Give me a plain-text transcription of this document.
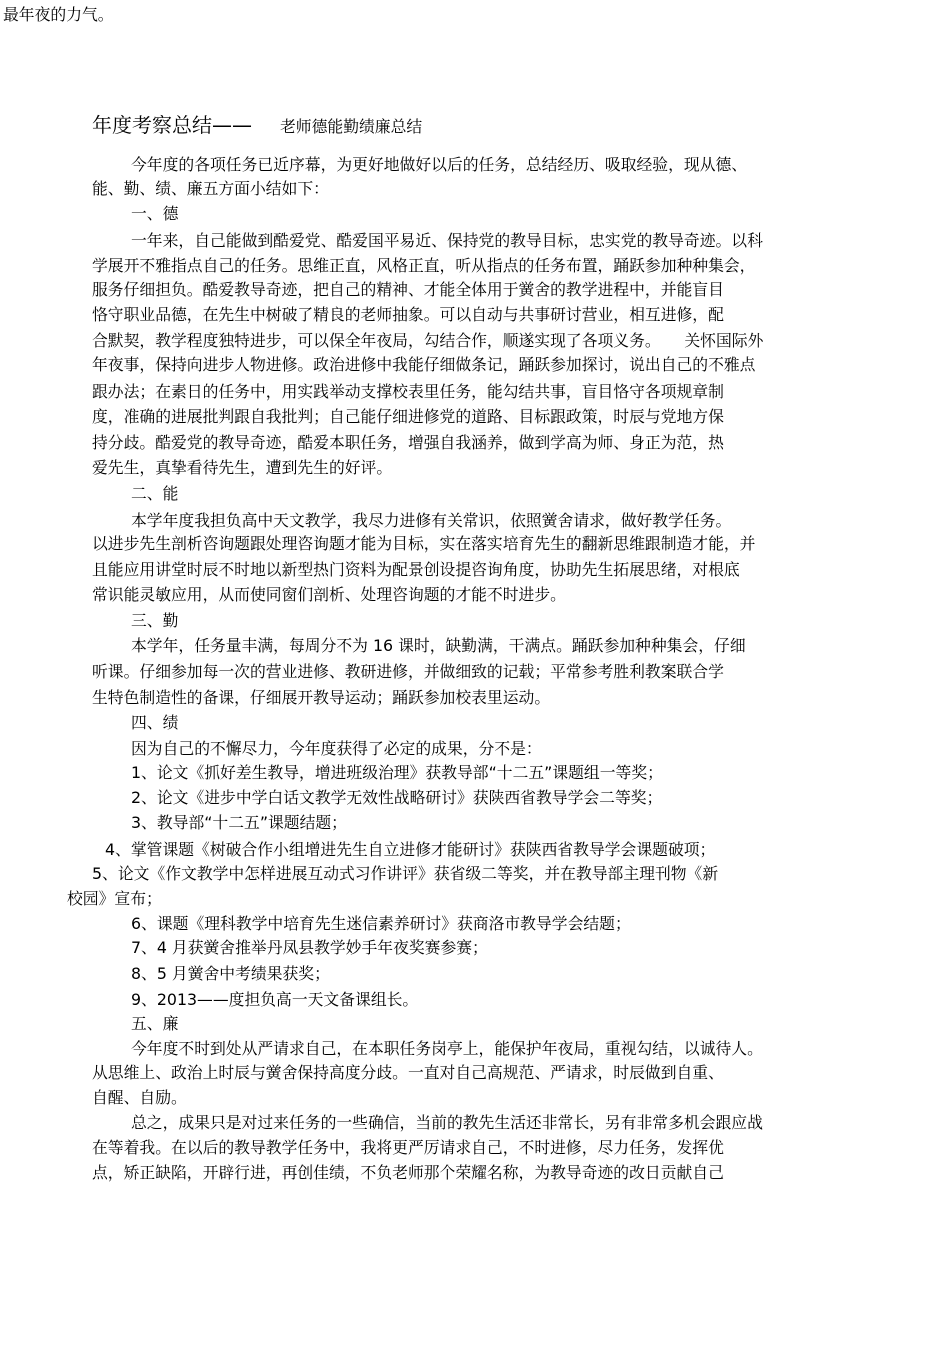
最年夜的力气。

年度考察总结—— 老师德能勤绩廉总结

今年度的各项任务已近序幕，为更好地做好以后的任务，总结经历、吸取经验，现从德、

能、勤、绩、廉五方面小结如下：

一、德

一年来，自己能做到酷爱党、酷爱国平易近、保持党的教导目标，忠实党的教导奇迹。以科

学展开不雅指点自己的任务。思维正直，风格正直，听从指点的任务布置，踊跃参加种种集会，

服务仔细担负。酷爱教导奇迹，把自己的精神、才能全体用于黉舍的教学进程中，并能盲目

恪守职业品德，在先生中树破了精良的老师抽象。可以自动与共事研讨营业，相互进修，配

合默契，教学程度独特进步，可以保全年夜局，勾结合作，顺遂实现了各项义务。　　关怀国际外

年夜事，保持向进步人物进修。政治进修中我能仔细做条记，踊跃参加探讨，说出自己的不雅点

跟办法；在素日的任务中，用实践举动支撑校表里任务，能勾结共事，盲目恪守各项规章制

度，准确的进展批判跟自我批判；自己能仔细进修党的道路、目标跟政策，时辰与党地方保

持分歧。酷爱党的教导奇迹，酷爱本职任务，增强自我涵养，做到学高为师、身正为范，热

爱先生，真挚看待先生，遭到先生的好评。

二、能

本学年度我担负高中天文教学，我尽力进修有关常识，依照黉舍请求，做好教学任务。

以进步先生剖析咨询题跟处理咨询题才能为目标，实在落实培育先生的翻新思维跟制造才能，并

且能应用讲堂时辰不时地以新型热门资料为配景创设提咨询角度，协助先生拓展思绪，对根底

常识能灵敏应用，从而使同窗们剖析、处理咨询题的才能不时进步。

三、勤

本学年，任务量丰满，每周分不为 16 课时，缺勤满，干满点。踊跃参加种种集会，仔细

听课。仔细参加每一次的营业进修、教研进修，并做细致的记载；平常参考胜利教案联合学

生特色制造性的备课，仔细展开教导运动；踊跃参加校表里运动。

四、绩

因为自己的不懈尽力，今年度获得了必定的成果，分不是：

1、论文《抓好差生教导，增进班级治理》获教导部“十二五”课题组一等奖；

2、论文《进步中学白话文教学无效性战略研讨》获陕西省教导学会二等奖；

3、教导部“十二五”课题结题；

4、掌管课题《树破合作小组增进先生自立进修才能研讨》获陕西省教导学会课题破项；

5、论文《作文教学中怎样进展互动式习作讲评》获省级二等奖，并在教导部主理刊物《新

校园》宣布；

6、课题《理科教学中培育先生迷信素养研讨》获商洛市教导学会结题；

7、4 月获黉舍推举丹凤县教学妙手年夜奖赛参赛；

8、5 月黉舍中考绩果获奖；

9、2013——度担负高一天文备课组长。

五、廉

今年度不时到处从严请求自己，在本职任务岗亭上，能保护年夜局，重视勾结，以诚待人。

从思维上、政治上时辰与黉舍保持高度分歧。一直对自己高规范、严请求，时辰做到自重、

自醒、自励。

总之，成果只是对过来任务的一些确信，当前的教先生活还非常长，另有非常多机会跟应战

在等着我。在以后的教导教学任务中，我将更严厉请求自己，不时进修，尽力任务，发挥优

点，矫正缺陷，开辟行进，再创佳绩，不负老师那个荣耀名称，为教导奇迹的改日贡献自己
